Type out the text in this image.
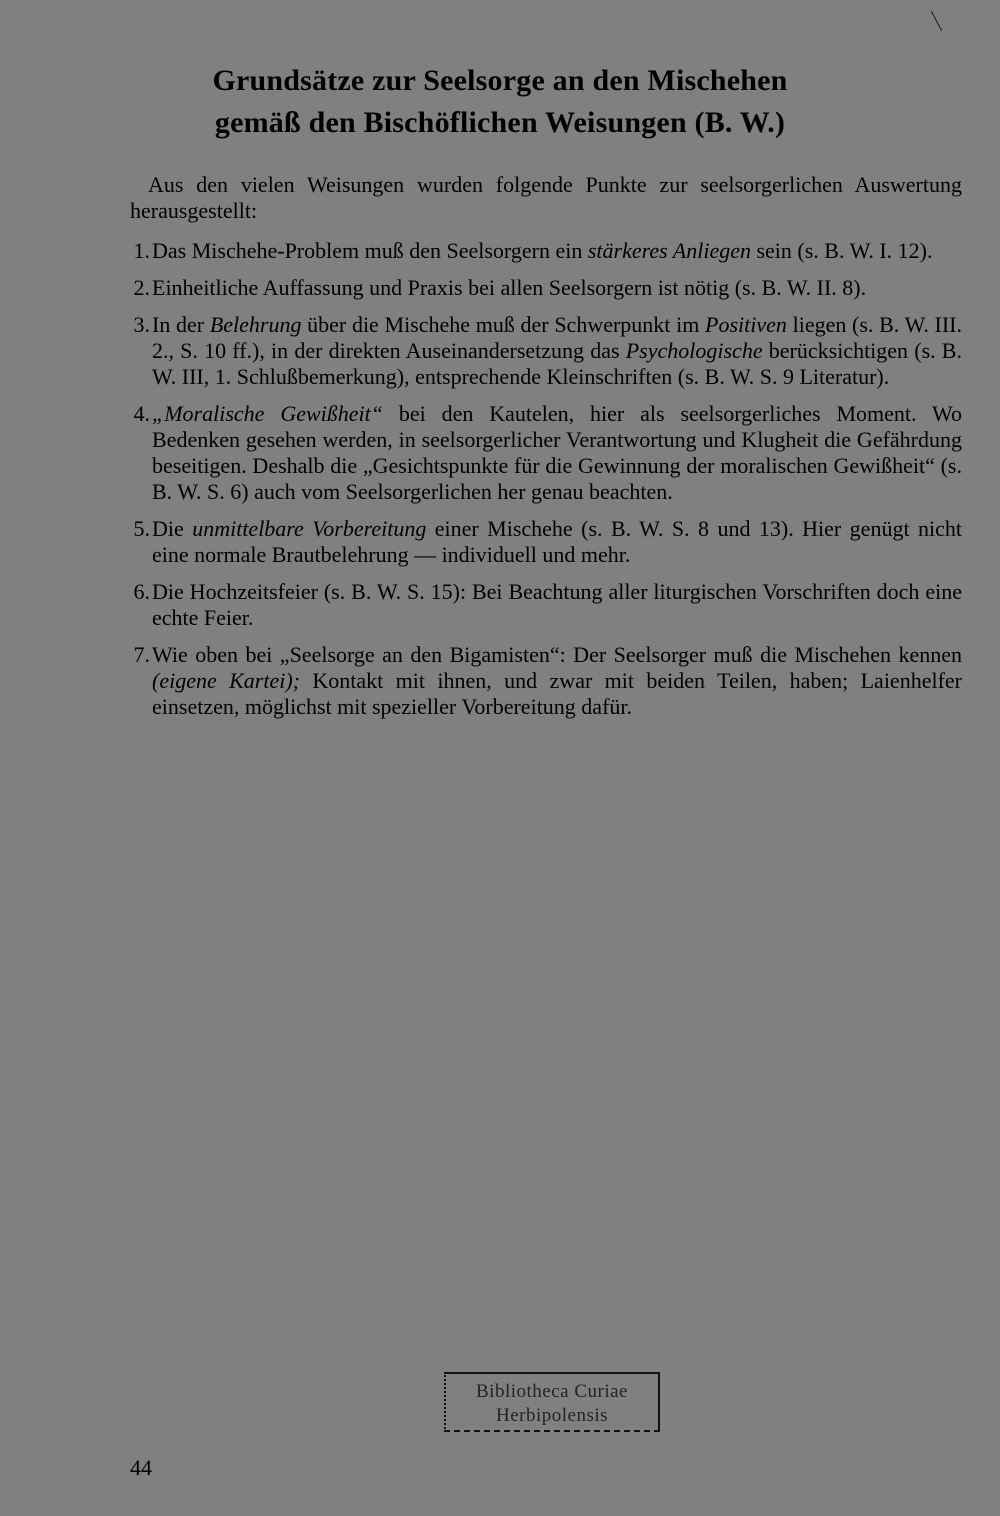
Grundsätze zur Seelsorge an den Mischehen
gemäß den Bischöflichen Weisungen (B. W.)

Aus den vielen Weisungen wurden folgende Punkte zur seelsorgerlichen Auswertung herausgestellt:

1. Das Mischehe-Problem muß den Seelsorgern ein stärkeres Anliegen sein (s. B. W. I. 12).
2. Einheitliche Auffassung und Praxis bei allen Seelsorgern ist nötig (s. B. W. II. 8).
3. In der Belehrung über die Mischehe muß der Schwerpunkt im Positiven liegen (s. B. W. III. 2., S. 10 ff.), in der direkten Auseinandersetzung das Psychologische berücksichtigen (s. B. W. III, 1. Schlußbemerkung), entsprechende Kleinschriften (s. B. W. S. 9 Literatur).
4. „Moralische Gewißheit“ bei den Kautelen, hier als seelsorgerliches Moment. Wo Bedenken gesehen werden, in seelsorgerlicher Verantwortung und Klugheit die Gefährdung beseitigen. Deshalb die „Gesichtspunkte für die Gewinnung der moralischen Gewißheit“ (s. B. W. S. 6) auch vom Seelsorgerlichen her genau beachten.
5. Die unmittelbare Vorbereitung einer Mischehe (s. B. W. S. 8 und 13). Hier genügt nicht eine normale Brautbelehrung — individuell und mehr.
6. Die Hochzeitsfeier (s. B. W. S. 15): Bei Beachtung aller liturgischen Vorschriften doch eine echte Feier.
7. Wie oben bei „Seelsorge an den Bigamisten“: Der Seelsorger muß die Mischehen kennen (eigene Kartei); Kontakt mit ihnen, und zwar mit beiden Teilen, haben; Laienhelfer einsetzen, möglichst mit spezieller Vorbereitung dafür.
Bibliotheca Curiae
Herbipolensis
44
